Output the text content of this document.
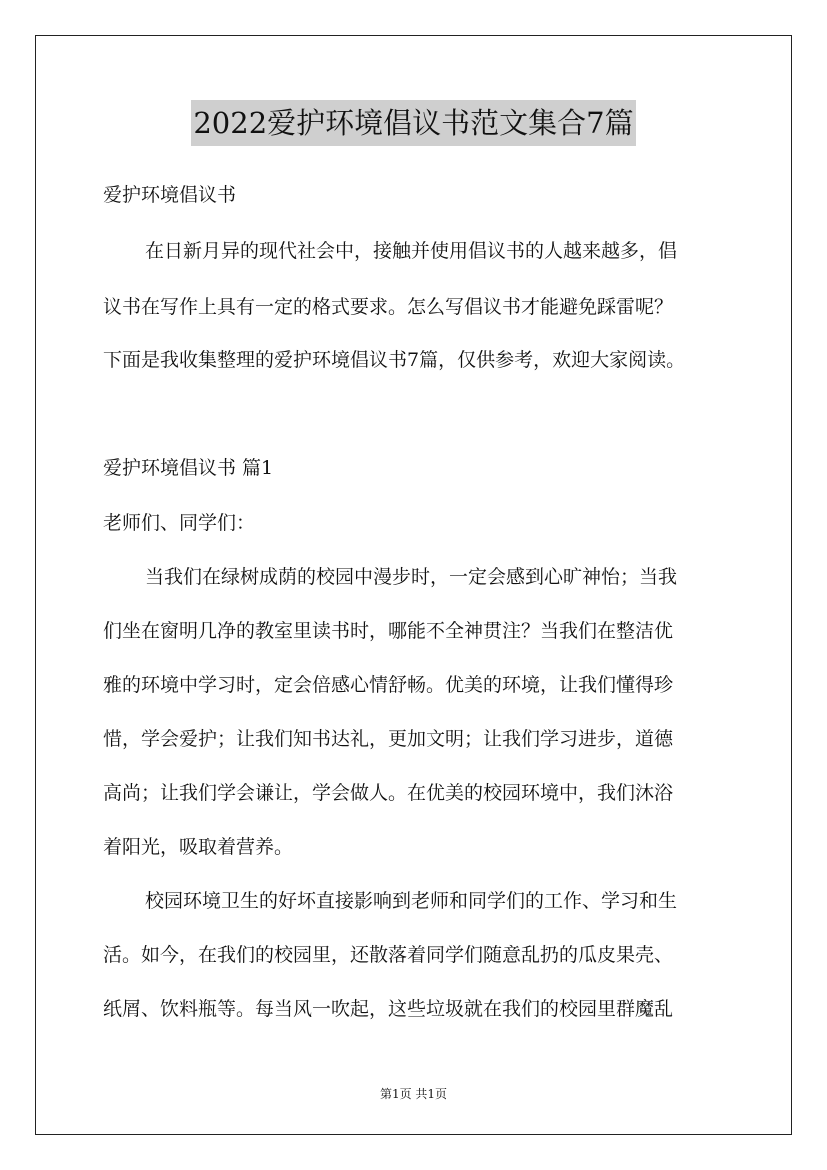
2022爱护环境倡议书范文集合7篇
爱护环境倡议书
在日新月异的现代社会中，接触并使用倡议书的人越来越多，倡
议书在写作上具有一定的格式要求。怎么写倡议书才能避免踩雷呢？
下面是我收集整理的爱护环境倡议书7篇，仅供参考，欢迎大家阅读。
爱护环境倡议书 篇1
老师们、同学们：
当我们在绿树成荫的校园中漫步时，一定会感到心旷神怡；当我
们坐在窗明几净的教室里读书时，哪能不全神贯注？当我们在整洁优
雅的环境中学习时，定会倍感心情舒畅。优美的环境，让我们懂得珍
惜，学会爱护；让我们知书达礼，更加文明；让我们学习进步，道德
高尚；让我们学会谦让，学会做人。在优美的校园环境中，我们沐浴
着阳光，吸取着营养。
校园环境卫生的好坏直接影响到老师和同学们的工作、学习和生
活。如今，在我们的校园里，还散落着同学们随意乱扔的瓜皮果壳、
纸屑、饮料瓶等。每当风一吹起，这些垃圾就在我们的校园里群魔乱
第1页 共1页
